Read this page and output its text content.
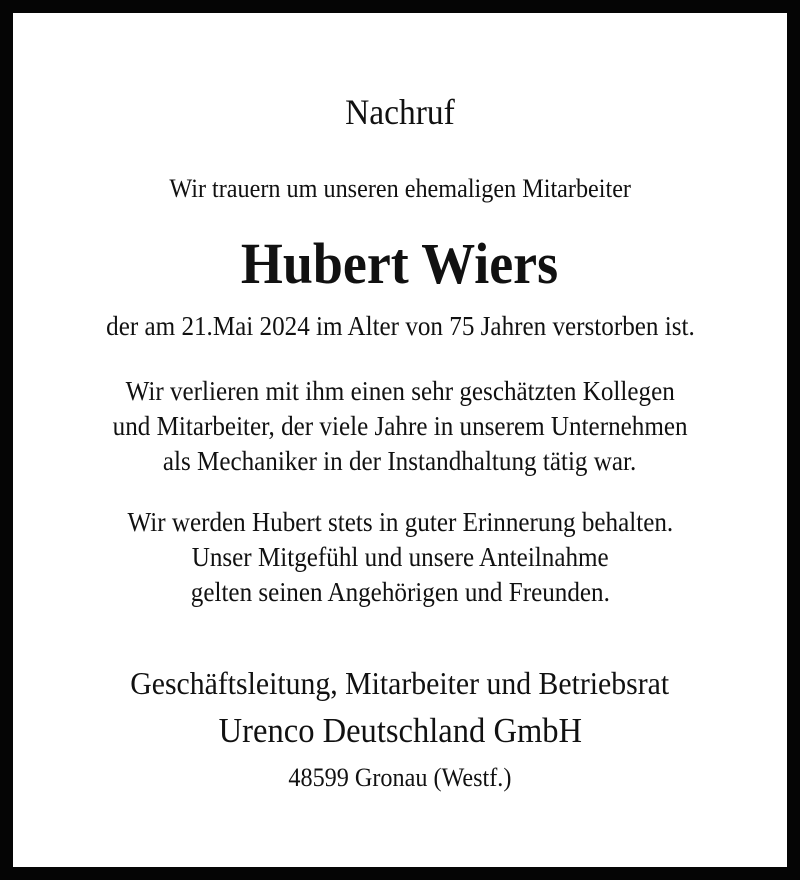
Nachruf
Wir trauern um unseren ehemaligen Mitarbeiter
Hubert Wiers
der am 21.Mai 2024 im Alter von 75 Jahren verstorben ist.
Wir verlieren mit ihm einen sehr geschätzten Kollegen
und Mitarbeiter, der viele Jahre in unserem Unternehmen
als Mechaniker in der Instandhaltung tätig war.
Wir werden Hubert stets in guter Erinnerung behalten.
Unser Mitgefühl und unsere Anteilnahme
gelten seinen Angehörigen und Freunden.
Geschäftsleitung, Mitarbeiter und Betriebsrat
Urenco Deutschland GmbH
48599 Gronau (Westf.)
